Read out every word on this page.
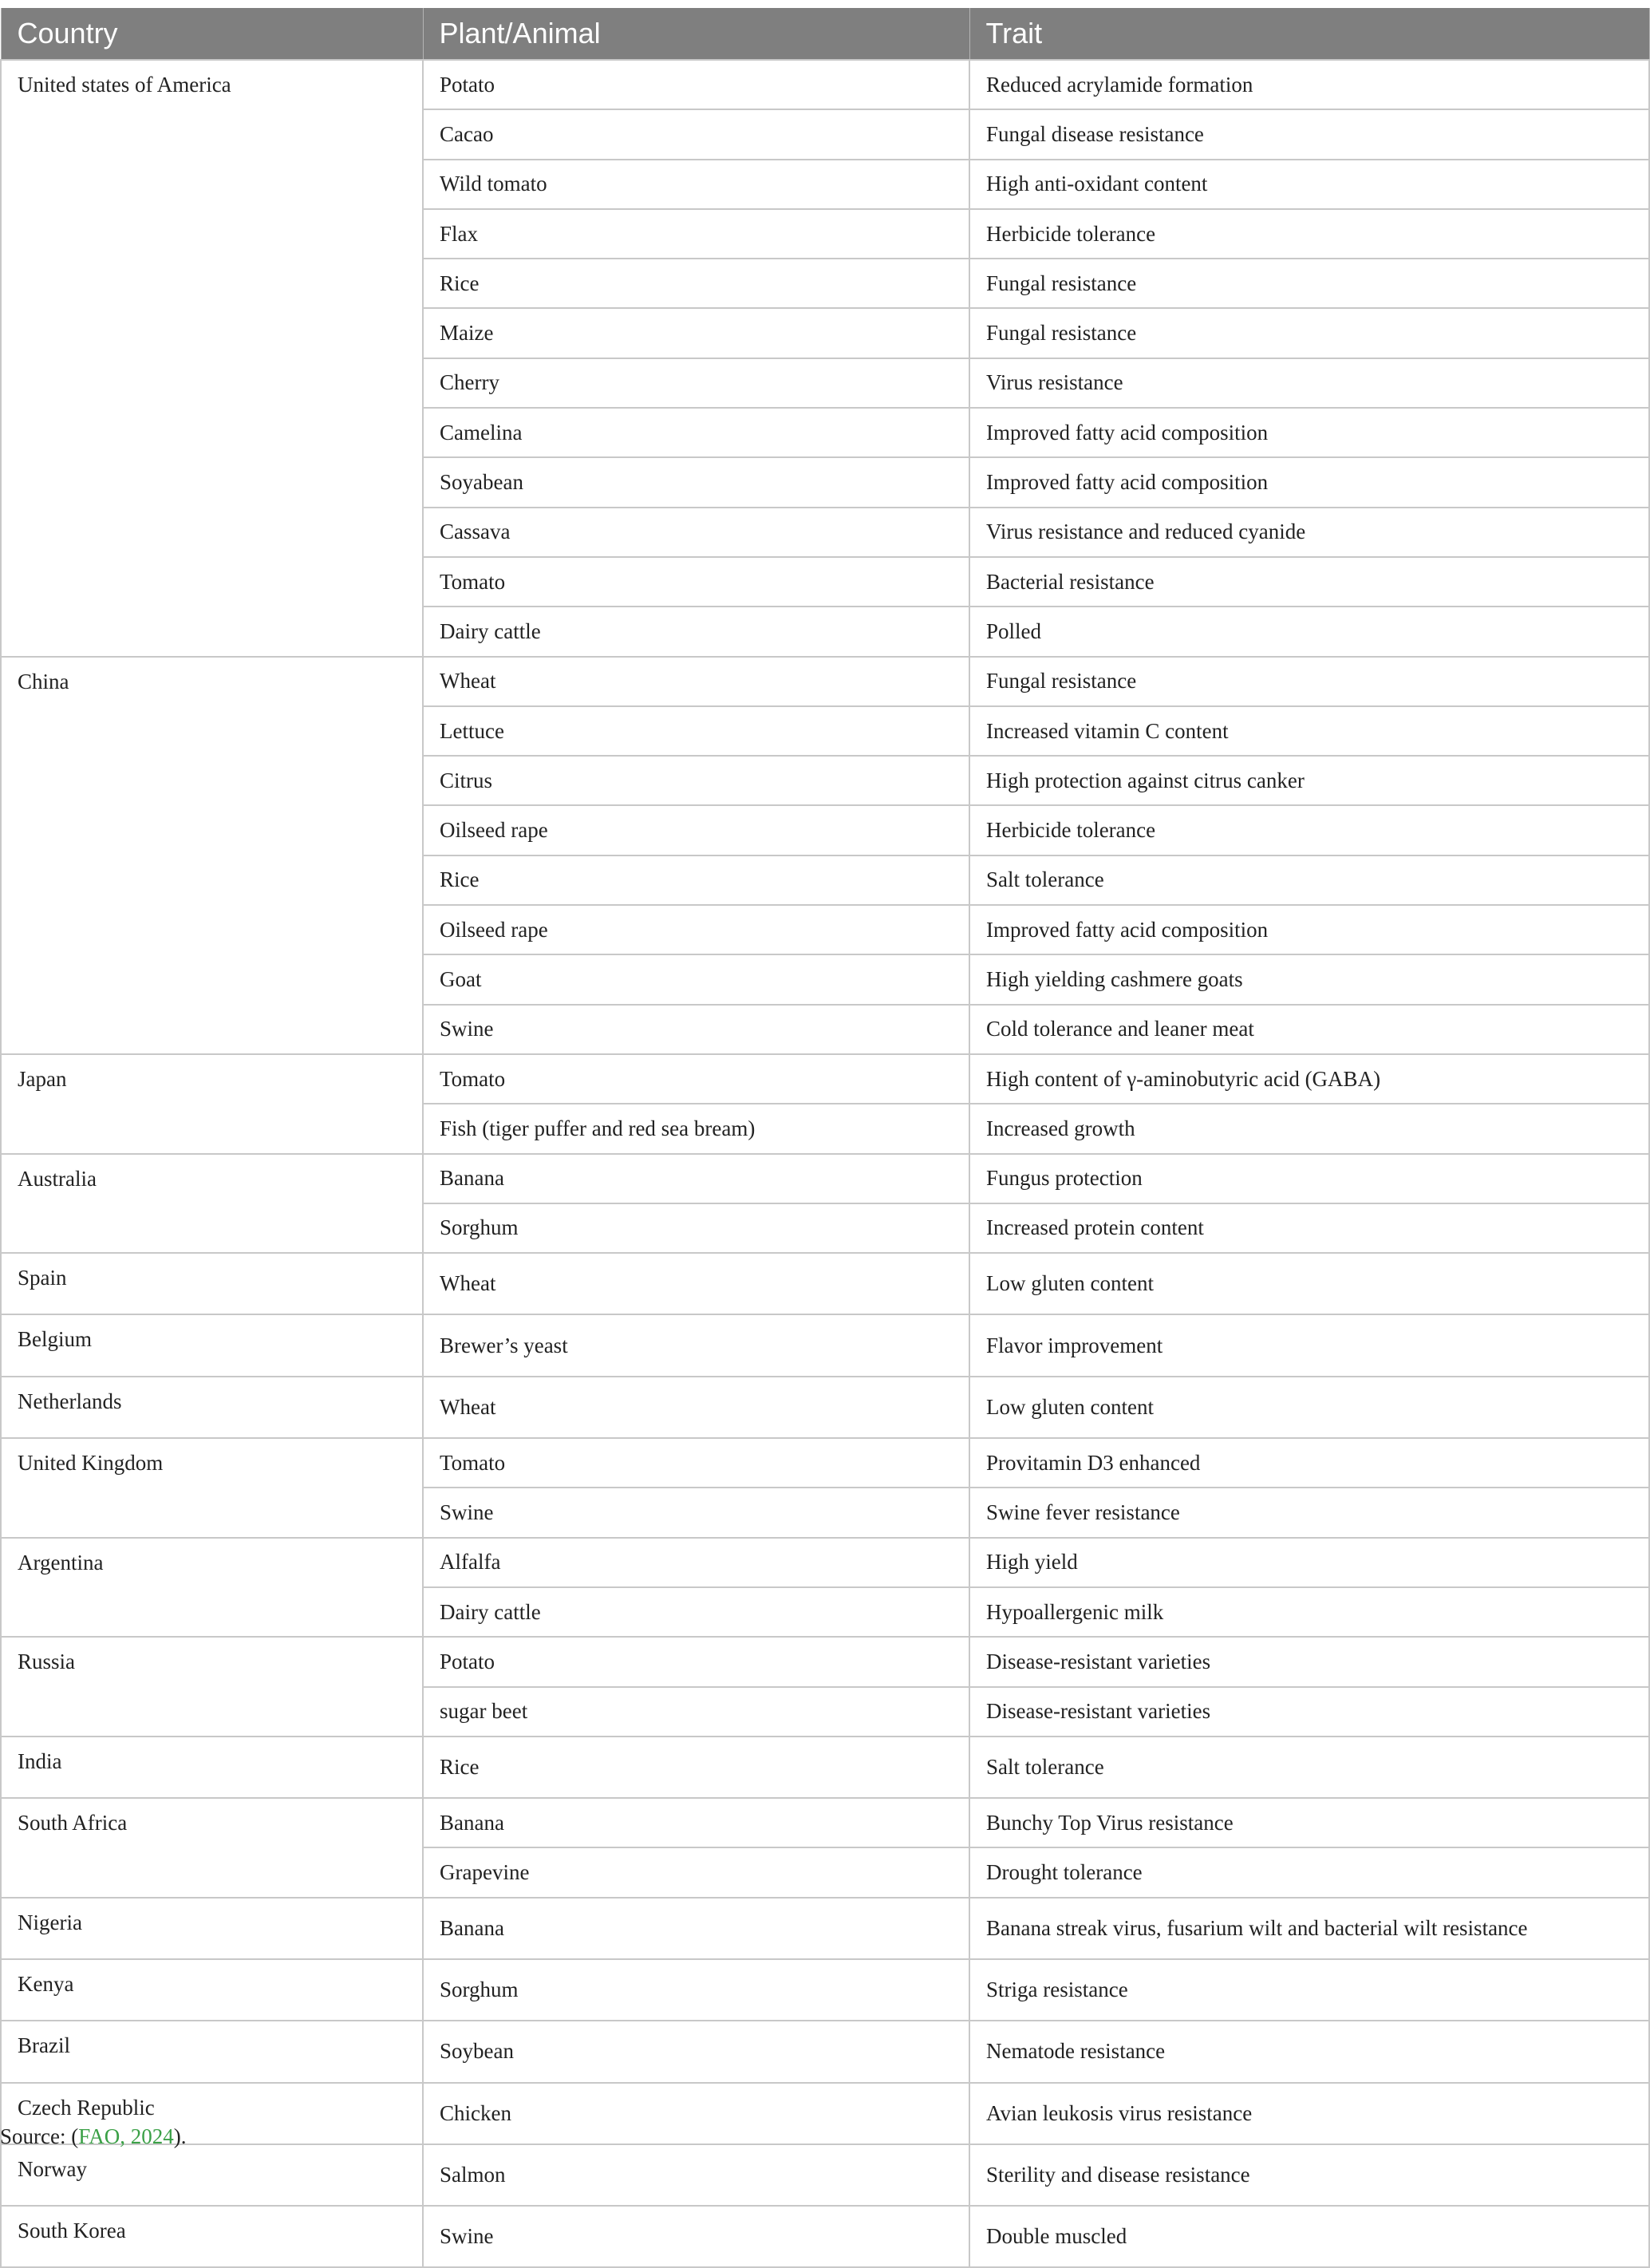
Country	Plant/Animal	Trait
United states of America	Potato	Reduced acrylamide formation
	Cacao	Fungal disease resistance
	Wild tomato	High anti-oxidant content
	Flax	Herbicide tolerance
	Rice	Fungal resistance
	Maize	Fungal resistance
	Cherry	Virus resistance
	Camelina	Improved fatty acid composition
	Soyabean	Improved fatty acid composition
	Cassava	Virus resistance and reduced cyanide
	Tomato	Bacterial resistance
	Dairy cattle	Polled
China	Wheat	Fungal resistance
	Lettuce	Increased vitamin C content
	Citrus	High protection against citrus canker
	Oilseed rape	Herbicide tolerance
	Rice	Salt tolerance
	Oilseed rape	Improved fatty acid composition
	Goat	High yielding cashmere goats
	Swine	Cold tolerance and leaner meat
Japan	Tomato	High content of γ-aminobutyric acid (GABA)
	Fish (tiger puffer and red sea bream)	Increased growth
Australia	Banana	Fungus protection
	Sorghum	Increased protein content
Spain	Wheat	Low gluten content
Belgium	Brewer’s yeast	Flavor improvement
Netherlands	Wheat	Low gluten content
United Kingdom	Tomato	Provitamin D3 enhanced
	Swine	Swine fever resistance
Argentina	Alfalfa	High yield
	Dairy cattle	Hypoallergenic milk
Russia	Potato	Disease-resistant varieties
	sugar beet	Disease-resistant varieties
India	Rice	Salt tolerance
South Africa	Banana	Bunchy Top Virus resistance
	Grapevine	Drought tolerance
Nigeria	Banana	Banana streak virus, fusarium wilt and bacterial wilt resistance
Kenya	Sorghum	Striga resistance
Brazil	Soybean	Nematode resistance
Czech Republic	Chicken	Avian leukosis virus resistance
Norway	Salmon	Sterility and disease resistance
South Korea	Swine	Double muscled
Source: (FAO, 2024).
